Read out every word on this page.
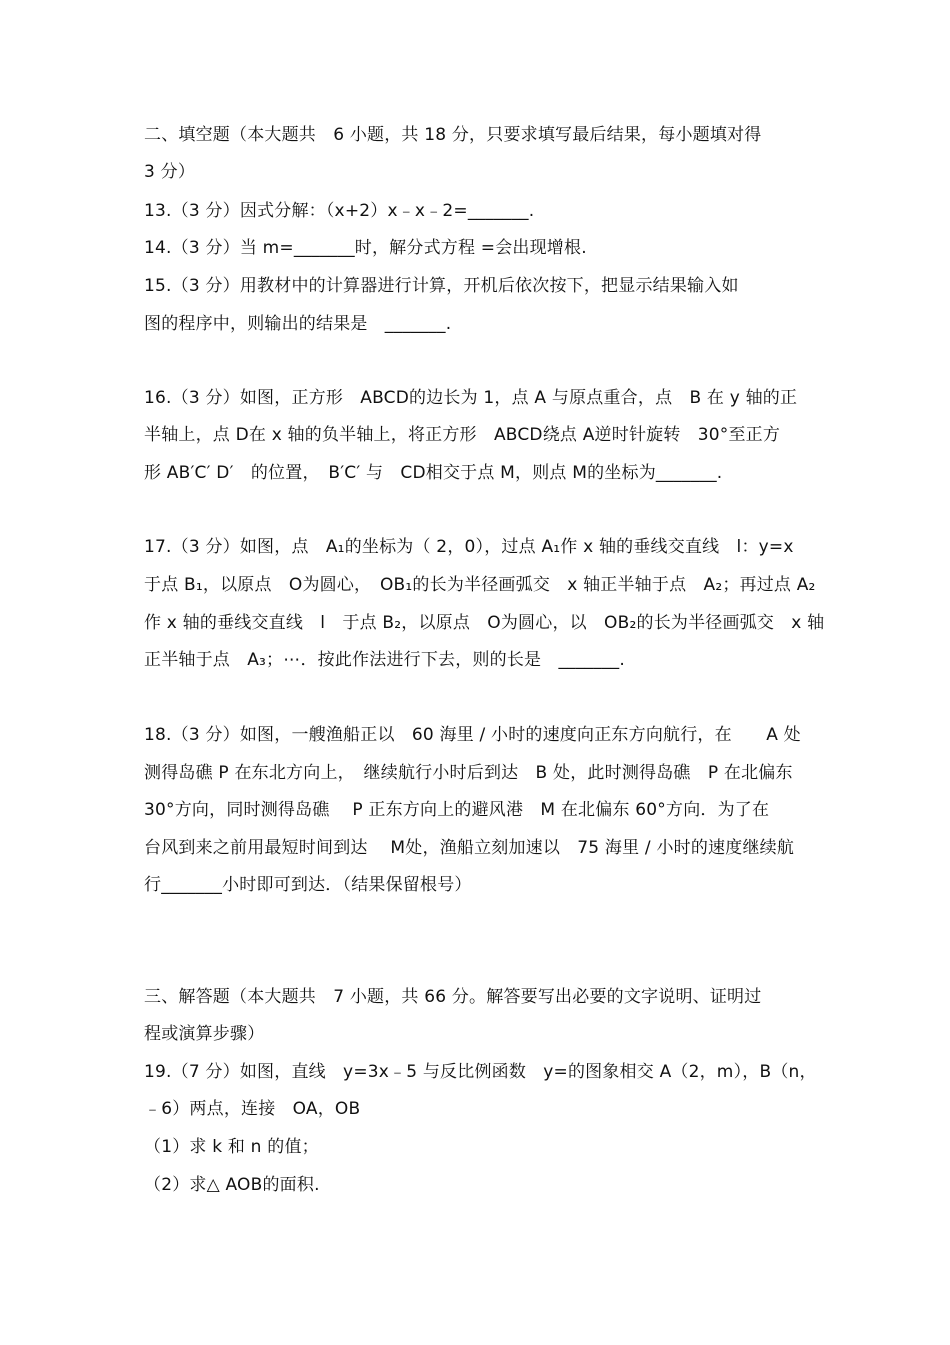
二、填空题（本大题共　6 小题，共 18 分，只要求填写最后结果，每小题填对得
3 分）
13.（3 分）因式分解：（x+2）x﹣x﹣2=_______.
14.（3 分）当 m=_______时，解分式方程 =会出现增根.
15.（3 分）用教材中的计算器进行计算，开机后依次按下，把显示结果输入如
图的程序中，则输出的结果是　_______.
16.（3 分）如图，正方形　ABCD的边长为 1，点 A 与原点重合，点　B 在 y 轴的正
半轴上，点 D在 x 轴的负半轴上，将正方形　ABCD绕点 A逆时针旋转　30°至正方
形 AB′C′ D′　的位置，　B′C′ 与　CD相交于点 M，则点 M的坐标为_______.
17.（3 分）如图，点　A₁的坐标为（ 2，0），过点 A₁作 x 轴的垂线交直线　l：y=x
于点 B₁，以原点　O为圆心，　OB₁的长为半径画弧交　x 轴正半轴于点　A₂；再过点 A₂
作 x 轴的垂线交直线　l　于点 B₂，以原点　O为圆心，以　OB₂的长为半径画弧交　x 轴
正半轴于点　A₃；⋯．按此作法进行下去，则的长是　_______.
18.（3 分）如图，一艘渔船正以　60 海里 / 小时的速度向正东方向航行，在　　A 处
测得岛礁 P 在东北方向上，　继续航行小时后到达　B 处，此时测得岛礁　P 在北偏东
30°方向，同时测得岛礁　 P 正东方向上的避风港　M 在北偏东 60°方向．为了在
台风到来之前用最短时间到达　 M处，渔船立刻加速以　75 海里 / 小时的速度继续航
行_______小时即可到达．（结果保留根号）
三、解答题（本大题共　7 小题，共 66 分。解答要写出必要的文字说明、证明过
程或演算步骤）
19.（7 分）如图，直线　y=3x﹣5 与反比例函数　y=的图象相交 A（2，m），B（n，
﹣6）两点，连接　OA，OB
（1）求 k 和 n 的值；
（2）求△ AOB的面积.
